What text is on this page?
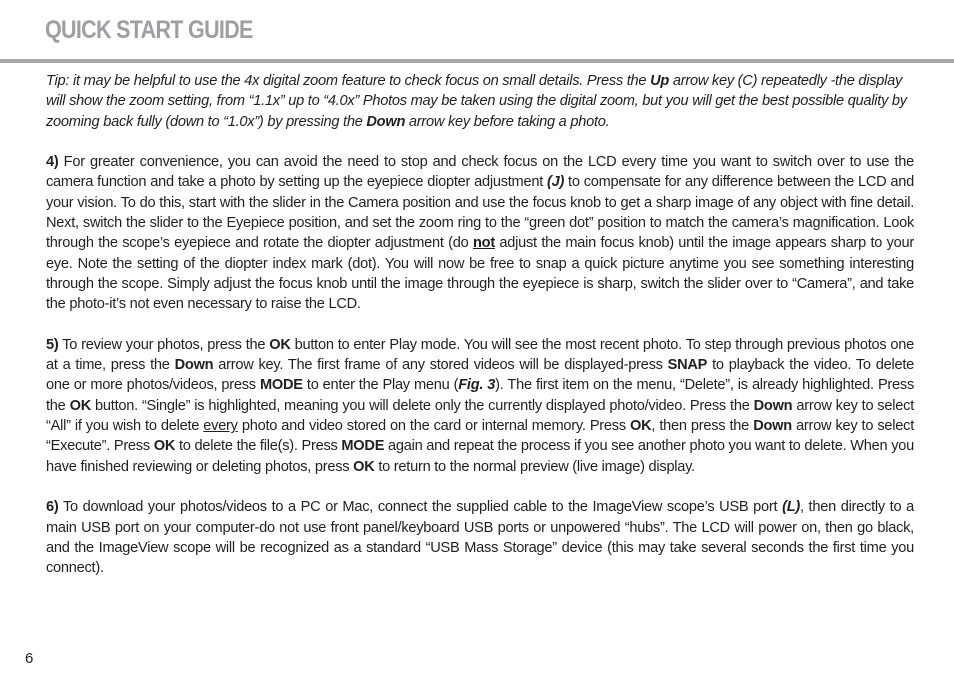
QUICK START GUIDE

Tip: it may be helpful to use the 4x digital zoom feature to check focus on small details. Press the Up arrow key (C) repeatedly -the display will show the zoom setting, from “1.1x” up to “4.0x” Photos may be taken using the digital zoom, but you will get the best possible quality by zooming back fully (down to “1.0x”) by pressing the Down arrow key before taking a photo.

4) For greater convenience, you can avoid the need to stop and check focus on the LCD every time you want to switch over to use the camera function and take a photo by setting up the eyepiece diopter adjustment (J) to compensate for any difference between the LCD and your vision. To do this, start with the slider in the Camera position and use the focus knob to get a sharp image of any object with fine detail. Next, switch the slider to the Eyepiece position, and set the zoom ring to the “green dot” position to match the camera’s magnification. Look through the scope’s eyepiece and rotate the diopter adjustment (do not adjust the main focus knob) until the image appears sharp to your eye. Note the setting of the diopter index mark (dot). You will now be free to snap a quick picture anytime you see something interesting through the scope. Simply adjust the focus knob until the image through the eyepiece is sharp, switch the slider over to “Camera”, and take the photo-it’s not even necessary to raise the LCD.

5) To review your photos, press the OK button to enter Play mode. You will see the most recent photo. To step through previous photos one at a time, press the Down arrow key. The first frame of any stored videos will be displayed-press SNAP to playback the video. To delete one or more photos/videos, press MODE to enter the Play menu (Fig. 3). The first item on the menu, “Delete”, is already highlighted. Press the OK button. “Single” is highlighted, meaning you will delete only the currently displayed photo/video. Press the Down arrow key to select “All” if you wish to delete every photo and video stored on the card or internal memory. Press OK, then press the Down arrow key to select “Execute”. Press OK to delete the file(s). Press MODE again and repeat the process if you see another photo you want to delete. When you have finished reviewing or deleting photos, press OK to return to the normal preview (live image) display.

6) To download your photos/videos to a PC or Mac, connect the supplied cable to the ImageView scope’s USB port (L), then directly to a main USB port on your computer-do not use front panel/keyboard USB ports or unpowered “hubs”. The LCD will power on, then go black, and the ImageView scope will be recognized as a standard “USB Mass Storage” device (this may take several seconds the first time you connect).

6
